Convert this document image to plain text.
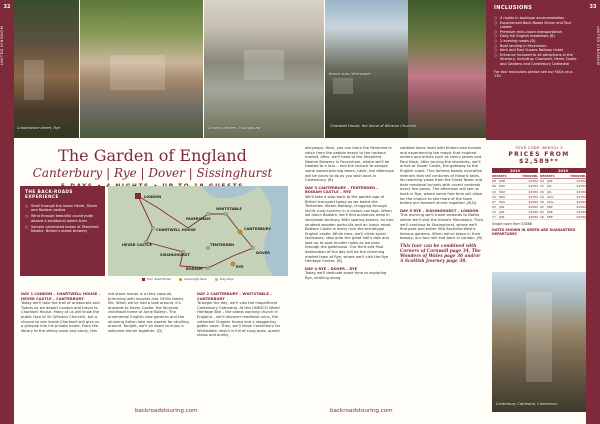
32
UNITED KINGDOM
33
UNITED KINGDOM
Cobblestone street, Rye	Country garden, Sissinghurst
Beach huts, Whitstable
Chartwell House, the home of Winston Churchill
Canterbury Cathedral, Canterbury
INCLUSIONS
○ 4 nights in boutique accommodation
○ Experienced Back-Roads Driver and Tour Leader
○ Premium mini-coach transportation
○ Daily full English breakfasts (B)
○ 2 evening meals (D)
○ Boat landing in Faversham
○ Kent and East Sussex Railway ticket
○ Entrance included to all attractions in the itinerary, including: Chartwell, Hever Castle and Gardens and Canterbury Cathedral
For tour exclusions please see our FAQs on p. 130
The Garden of England
Canterbury | Rye | Dover | Sissinghurst
THE BACK-ROADS EXPERIENCE
○ Stroll through the iconic Hever, Dover and Bodiam castles
○ Wind through beautiful countryside aboard a traditional steam train
○ Sample celebrated tomes at Shepherd Neame, Britain's oldest brewery
LONDON
CHARTWELL HOUSE
HEVER CASTLE
FAVERSHAM
WHITSTABLE
CANTERBURY
SISSINGHURST
TENTERDEN
BODIAM	RYE
DOVER
Tour Start/Finish	Overnight Stop	Day Stop
DAY 1 LONDON – CHARTWELL HOUSE – HEVER CASTLE – CANTERBURY
Today we'll take the trail of aristocrats and Tudors as we depart London and travel to Chartwell House. Many of us will know the public face of Sir Winston Churchill, but a chance to see inside Chartwell will give us a glimpse into his private home. From the library to the sitting room and study, this
red stone manor is a time capsule, brimming with insights into 1930s family life. When we've had a look around, it's onwards to Hever Castle, the fairytale childhood home of Anne Boleyn. The ornamental English rose gardens and the stunning Italian lake are superb for strolling around. Tonight, we'll sit down to enjoy a welcome dinner together. (D)
DAY 2 CANTERBURY – WHITSTABLE – CANTERBURY
To begin the day, we'll visit the magnificent Canterbury Cathedral. At this UNESCO World Heritage Site – the oldest working church in England – we'll discover medieval ruins, the cathedral Chapter House and a staggering gothic nave. Then, we'll leave Canterbury for Whitstable, which is full of snug pubs, quaint shops and quirky
alleyways. Here, you can trace the fishermen's catch from the pebble beach to the harbour market. After, we'll head to the Shepherd Neame Brewery in Faversham, where we'll be treated to a tour – and the chance to sample some award-winning beers. Later, the afternoon will be yours to do as you wish back in Canterbury. (B)
DAY 3 CANTERBURY – TENTERDEN – BODIAM CASTLE – RYE
We'll take a step back to the golden age of British transport today as we board the Tenterden Steam Railway, chugging through idyllic rural scenery in a classic carriage. When we reach Bodiam, we'll find ourselves deep in storybook territory. With soaring towers, an iron-studded wooden portcullis and an iconic moat, Bodiam Castle is every inch the archetypal English castle. While here, we'll climb spiral staircases, step onto the great hall's dais and look up to spot murder holes as we pass through the gatehouse. Our third and final destination of the day will be the charming market town of Rye, where we'll visit the Rye Heritage Centre. (B)
DAY 4 RYE – DOVER – RYE
Today we'll dedicate some time to exploring Rye, strolling along
cobbled lanes lined with timber-clad houses and experiencing the magic that inspired writers and artists such as Henry James and Paul Nash. After touring the shambles, we'll arrive at Dover Castle, the gateway to the English coast. This fortress boasts evocative interiors that tell centuries of historic tales, far-reaching views from the Great Tower and dark medieval tunnels with covert contents every few paces. The afternoon will see us back in Rye, where some free time will allow for the chance to see more of the town before our farewell dinner together. (B,D)
DAY 5 RYE – SISSINGHURST – LONDON
This morning we'll travel onwards to Battle, where we'll visit the historic Monastery. Then, we'll continue to Sissinghurst, where we'll find poet and writer Vita Sackville-West's famous gardens. When we've taken in their beauty, our tour will end back in London. (B)
This tour can be combined with Corners of Cornwall page 34, The Wonders of Wales page 36 and/or A Scottish Journey page 38.
backroadstouring.com	backroadstouring.com
TOUR CODE: BEKGOL 5
PRICES FROM
$2,589**
2019
DEPARTS	TWIN/DBL
08	APR	$2589
06	MAY	$2589
13	MAY	$2589
20	MAY	$2589
27	MAY	$2589
03	JUN	$2589
10	JUN	$2589
17	JUN	$2589
2019
DEPARTS	TWIN/DBL
24	JUN	$2589
15	JUL	$2589
29	JUL	$2589
19	AUG	$2589
26	AUG	$2589
02	SEP	$2589
09	SEP	$2589
16	SEP	$2589
Single room from $3086
DATES SHOWN IN GREEN ARE GUARANTEED DEPARTURES
